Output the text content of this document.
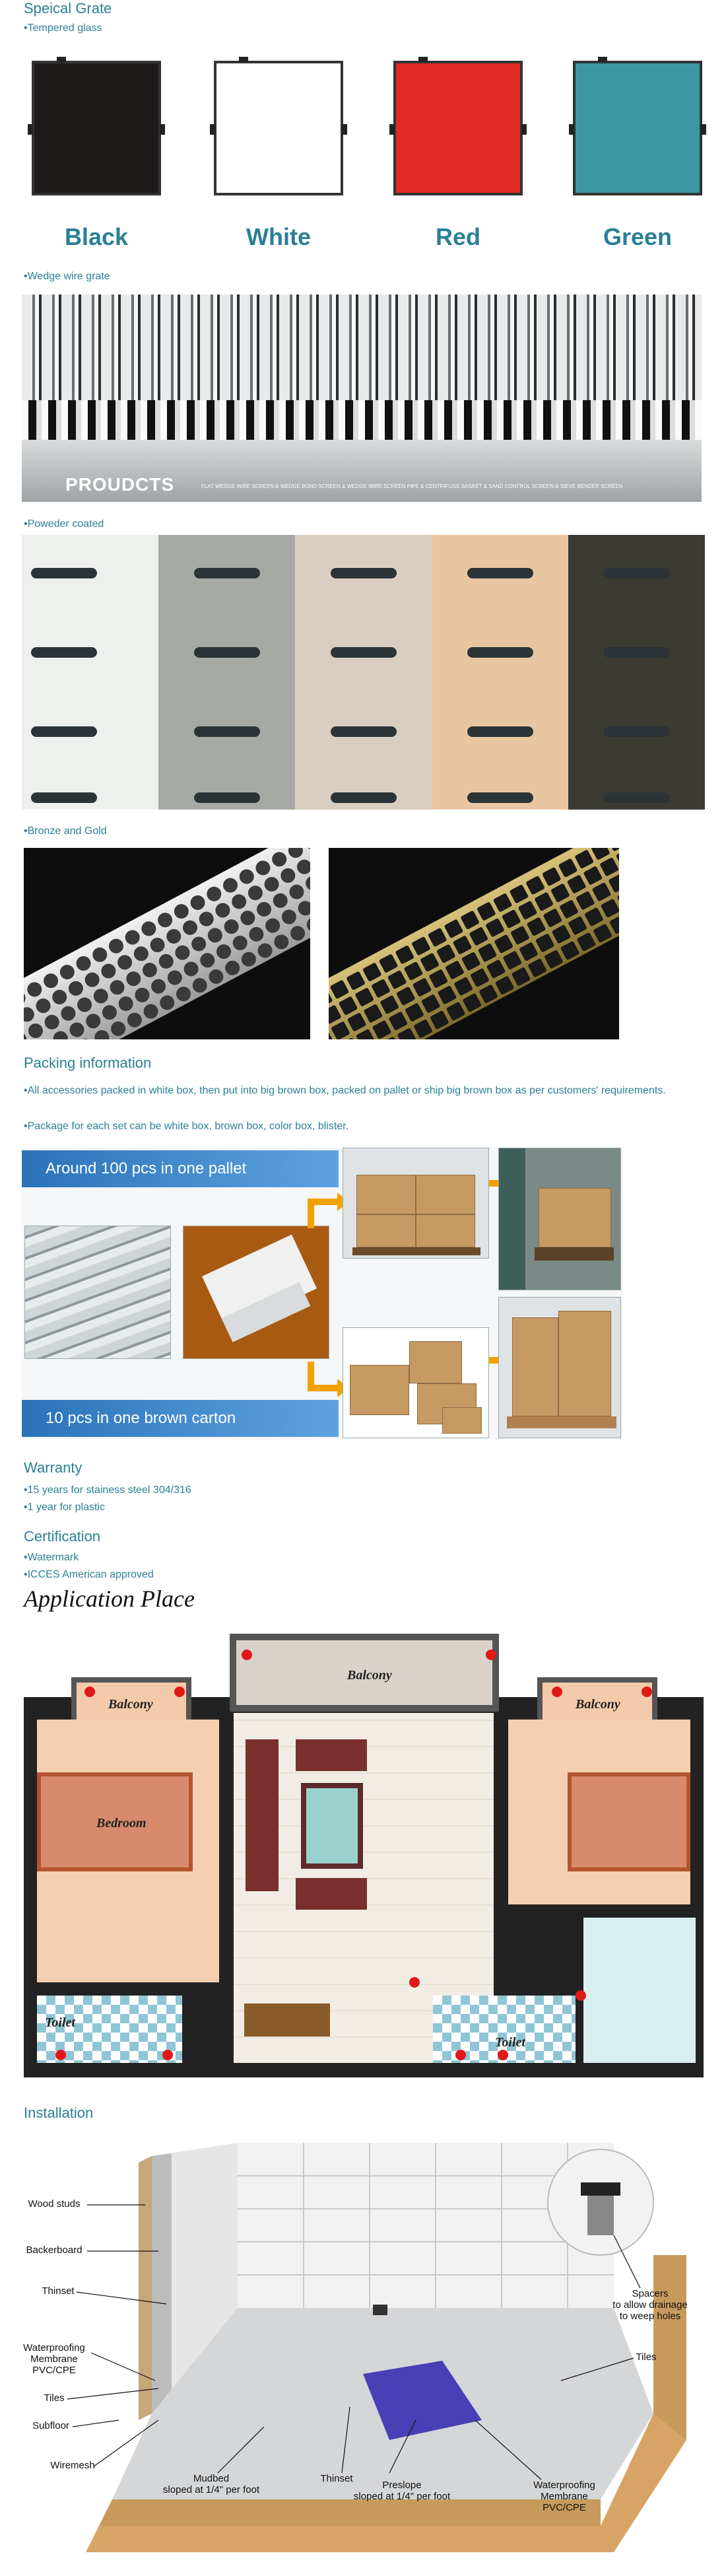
Speical Grate
•Tempered glass
Black	White	Red	Green
•Wedge wire grate
PROUDCTS	FLAT WEDGE WIRE SCREEN & WEDGE BOND SCREEN & WEDGE WIRE SCREEN PIPE & CENTRIFUGE BASKET & SAND CONTROL SCREEN & SIEVE BENDER SCREEN
•Poweder coated
•Bronze and Gold
Packing information
•All accessories packed in white box, then put into big brown box, packed on pallet or ship big brown box as per customers' requirements.
•Package for each set can be white box, brown box, color box, blister.
Around 100 pcs in one pallet
10 pcs in one brown carton
Warranty
•15 years for stainess steel 304/316
•1 year for plastic
Certification
•Watermark
•ICCES American approved
Application Place
Balcony
Balcony	Balcony
Bedroom
Toilet
Toilet
Installation
Wood studs
Backerboard
Thinset
Waterproofing
Membrane
PVC/CPE
Tiles
Subfloor
Wiremesh
Mudbed
sloped at 1/4" per foot
Thinset
Preslope
sloped at 1/4" per foot
Waterproofing
Membrane
PVC/CPE
Tiles
Spacers
to allow drainage
to weep holes
